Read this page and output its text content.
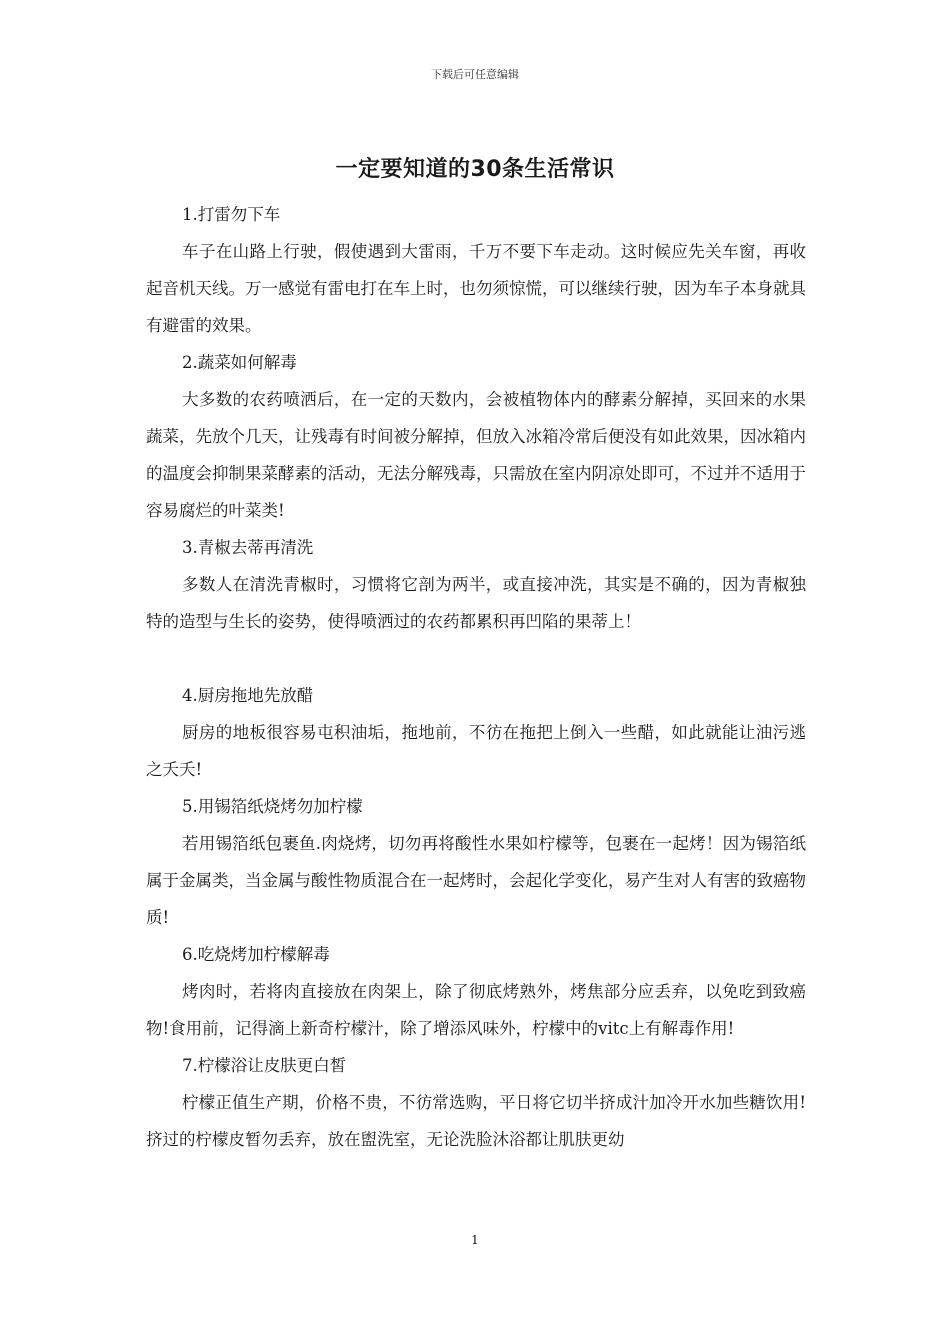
下载后可任意编辑
一定要知道的30条生活常识

1.打雷勿下车

车子在山路上行驶，假使遇到大雷雨，千万不要下车走动。这时候应先关车窗，再收起音机天线。万一感觉有雷电打在车上时，也勿须惊慌，可以继续行驶，因为车子本身就具有避雷的效果。

2.蔬菜如何解毒

大多数的农药喷洒后，在一定的天数内，会被植物体内的酵素分解掉，买回来的水果蔬菜，先放个几天，让残毒有时间被分解掉，但放入冰箱冷常后便没有如此效果，因冰箱内的温度会抑制果菜酵素的活动，无法分解残毒，只需放在室内阴凉处即可，不过并不适用于容易腐烂的叶菜类!

3.青椒去蒂再清洗

多数人在清洗青椒时，习惯将它剖为两半，或直接冲洗，其实是不确的，因为青椒独特的造型与生长的姿势，使得喷洒过的农药都累积再凹陷的果蒂上！

4.厨房拖地先放醋

厨房的地板很容易屯积油垢，拖地前，不彷在拖把上倒入一些醋，如此就能让油污逃之夭夭!

5.用锡箔纸烧烤勿加柠檬

若用锡箔纸包裹鱼.肉烧烤，切勿再将酸性水果如柠檬等，包裹在一起烤！因为锡箔纸属于金属类，当金属与酸性物质混合在一起烤时，会起化学变化，易产生对人有害的致癌物质!

6.吃烧烤加柠檬解毒

烤肉时，若将肉直接放在肉架上，除了彻底烤熟外，烤焦部分应丢弃，以免吃到致癌物!食用前，记得滴上新奇柠檬汁，除了增添风味外，柠檬中的vitc上有解毒作用!

7.柠檬浴让皮肤更白皙

柠檬正值生产期，价格不贵，不彷常选购，平日将它切半挤成汁加冷开水加些糖饮用!挤过的柠檬皮暂勿丢弃，放在盥洗室，无论洗脸沐浴都让肌肤更幼

1
